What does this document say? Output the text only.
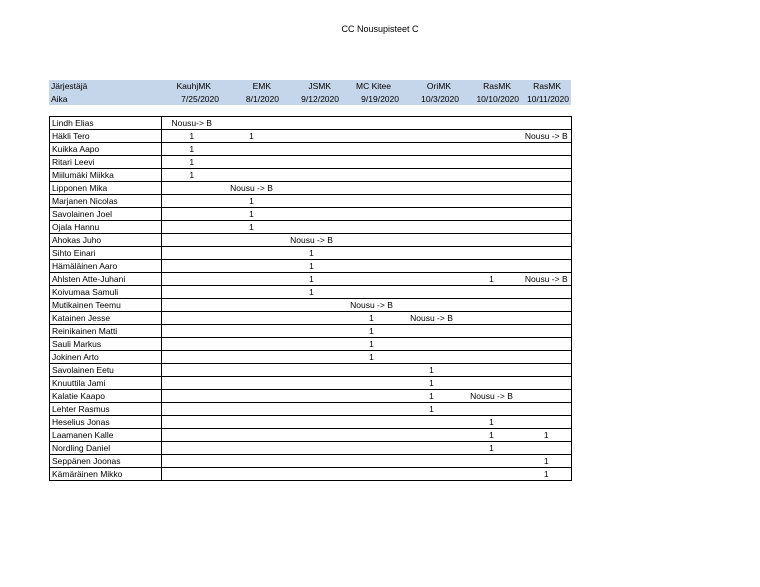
CC Nousupisteet C
Järjestäjä	KauhjMK	EMK	JSMK	MC Kitee	OriMK	RasMK	RasMK
Aika	7/25/2020	8/1/2020	9/12/2020	9/19/2020	10/3/2020	10/10/2020	10/11/2020
Lindh Elias	Nousu-> B						
Häkli Tero	1	1					Nousu -> B
Kuikka Aapo	1						
Ritari Leevi	1						
Miilumäki Miikka	1						
Lipponen Mika		Nousu -> B					
Marjanen Nicolas		1					
Savolainen Joel		1					
Ojala Hannu		1					
Ahokas Juho			Nousu -> B				
Sihto Einari			1				
Hämäläinen Aaro			1				
Ahlsten Atte-Juhani			1			1	Nousu -> B
Koivumaa Samuli			1				
Mutikainen Teemu				Nousu -> B			
Katainen Jesse				1	Nousu -> B		
Reinikainen Matti				1			
Sauli Markus				1			
Jokinen Arto				1			
Savolainen Eetu					1		
Knuuttila Jami					1		
Kalatie Kaapo					1	Nousu -> B	
Lehter Rasmus					1		
Heselius Jonas						1	
Laamanen Kalle						1	1
Nordling Daniel						1	
Seppänen Joonas							1
Kämäräinen Mikko							1
